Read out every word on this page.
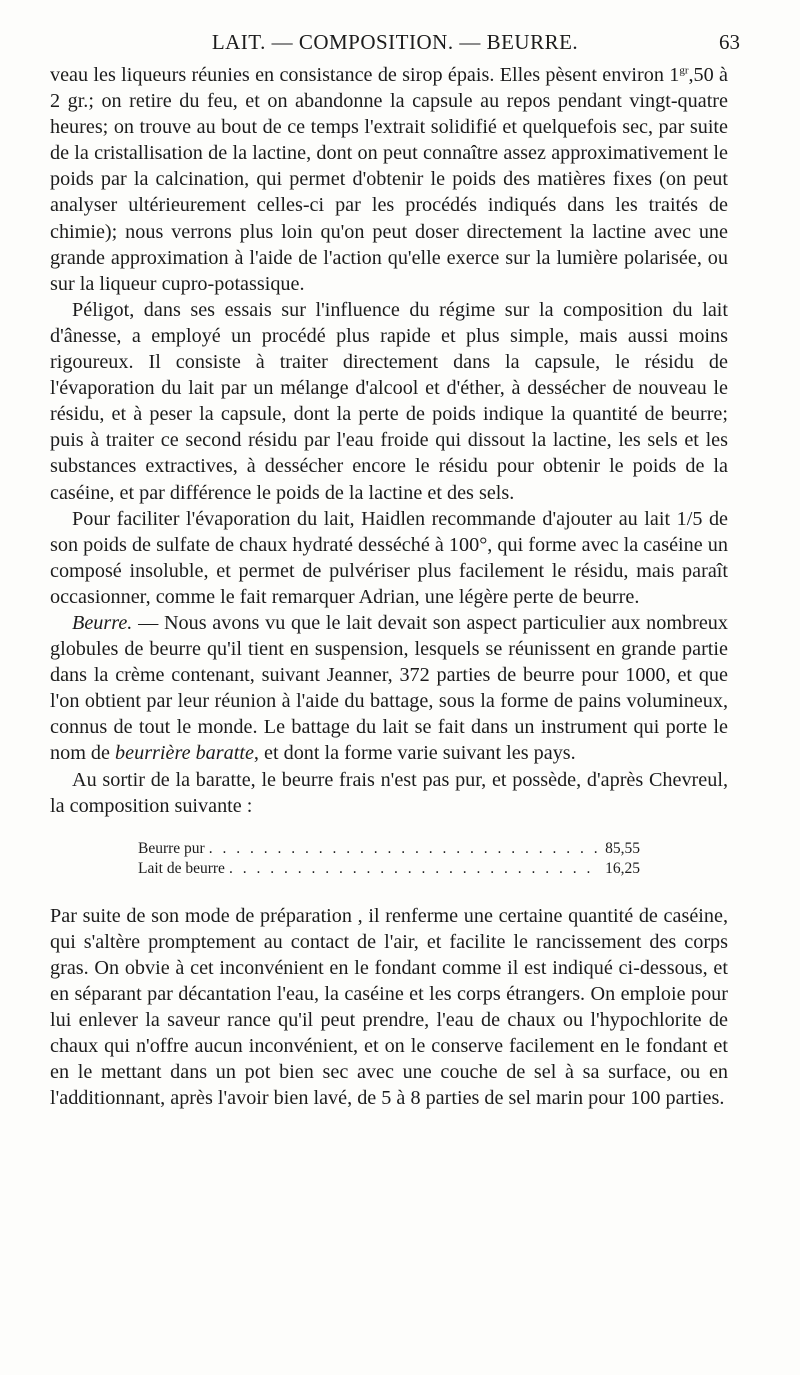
LAIT. — COMPOSITION. — BEURRE.	63

veau les liqueurs réunies en consistance de sirop épais. Elles pèsent environ $1^{gr},50$ à 2 gr.; on retire du feu, et on abandonne la capsule au repos pendant vingt-quatre heures; on trouve au bout de ce temps l'extrait solidifié et quelquefois sec, par suite de la cristallisation de la lactine, dont on peut connaître assez approximativement le poids par la calcination, qui permet d'obtenir le poids des matières fixes (on peut analyser ultérieurement celles-ci par les procédés indiqués dans les traités de chimie); nous verrons plus loin qu'on peut doser directement la lactine avec une grande approximation à l'aide de l'action qu'elle exerce sur la lumière polarisée, ou sur la liqueur cupro-potassique.

Péligot, dans ses essais sur l'influence du régime sur la composition du lait d'ânesse, a employé un procédé plus rapide et plus simple, mais aussi moins rigoureux. Il consiste à traiter directement dans la capsule, le résidu de l'évaporation du lait par un mélange d'alcool et d'éther, à dessécher de nouveau le résidu, et à peser la capsule, dont la perte de poids indique la quantité de beurre; puis à traiter ce second résidu par l'eau froide qui dissout la lactine, les sels et les substances extractives, à dessécher encore le résidu pour obtenir le poids de la caséine, et par différence le poids de la lactine et des sels.

Pour faciliter l'évaporation du lait, Haidlen recommande d'ajouter au lait 1/5 de son poids de sulfate de chaux hydraté desséché à 100°, qui forme avec la caséine un composé insoluble, et permet de pulvériser plus facilement le résidu, mais paraît occasionner, comme le fait remarquer Adrian, une légère perte de beurre.

Beurre. — Nous avons vu que le lait devait son aspect particulier aux nombreux globules de beurre qu'il tient en suspension, lesquels se réunissent en grande partie dans la crème contenant, suivant Jeanner, 372 parties de beurre pour 1000, et que l'on obtient par leur réunion à l'aide du battage, sous la forme de pains volumineux, connus de tout le monde. Le battage du lait se fait dans un instrument qui porte le nom de beurrière baratte, et dont la forme varie suivant les pays.

Au sortir de la baratte, le beurre frais n'est pas pur, et possède, d'après Chevreul, la composition suivante :

Beurre pur . . .	85,55
Lait de beurre . . .	16,25

Par suite de son mode de préparation , il renferme une certaine quantité de caséine, qui s'altère promptement au contact de l'air, et facilite le rancissement des corps gras. On obvie à cet inconvénient en le fondant comme il est indiqué ci-dessous, et en séparant par décantation l'eau, la caséine et les corps étrangers. On emploie pour lui enlever la saveur rance qu'il peut prendre, l'eau de chaux ou l'hypochlorite de chaux qui n'offre aucun inconvénient, et on le conserve facilement en le fondant et en le mettant dans un pot bien sec avec une couche de sel à sa surface, ou en l'additionnant, après l'avoir bien lavé, de 5 à 8 parties de sel marin pour 100 parties.
